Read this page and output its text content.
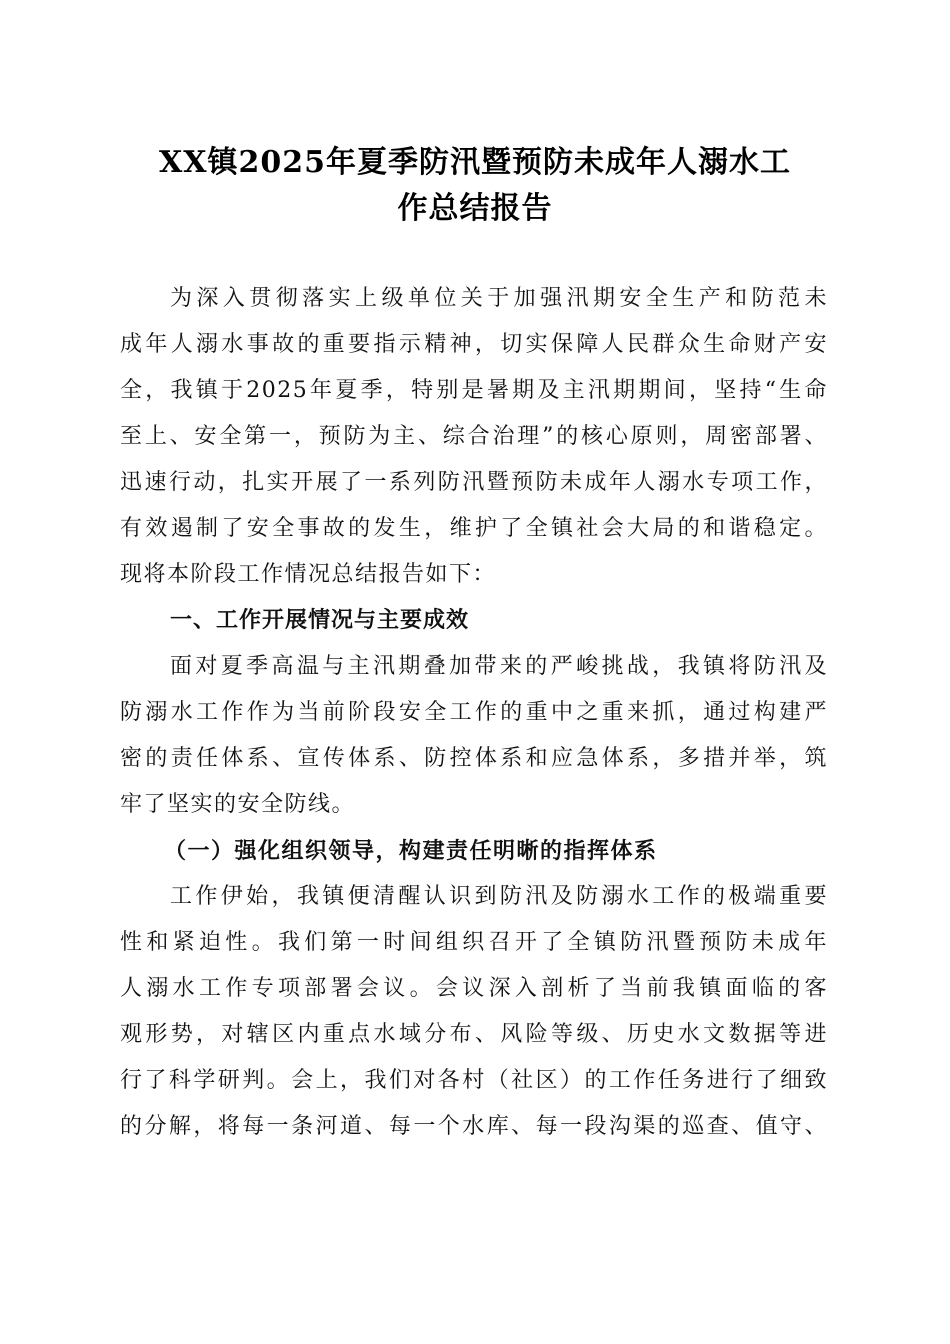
XX镇2025年夏季防汛暨预防未成年人溺水工
作总结报告
为深入贯彻落实上级单位关于加强汛期安全生产和防范未
成年人溺水事故的重要指示精神，切实保障人民群众生命财产安
全，我镇于2025年夏季，特别是暑期及主汛期期间，坚持“生命
至上、安全第一，预防为主、综合治理”的核心原则，周密部署、
迅速行动，扎实开展了一系列防汛暨预防未成年人溺水专项工作，
有效遏制了安全事故的发生，维护了全镇社会大局的和谐稳定。
现将本阶段工作情况总结报告如下：
一、工作开展情况与主要成效
面对夏季高温与主汛期叠加带来的严峻挑战，我镇将防汛及
防溺水工作作为当前阶段安全工作的重中之重来抓，通过构建严
密的责任体系、宣传体系、防控体系和应急体系，多措并举，筑
牢了坚实的安全防线。
（一）强化组织领导，构建责任明晰的指挥体系
工作伊始，我镇便清醒认识到防汛及防溺水工作的极端重要
性和紧迫性。我们第一时间组织召开了全镇防汛暨预防未成年
人溺水工作专项部署会议。会议深入剖析了当前我镇面临的客
观形势，对辖区内重点水域分布、风险等级、历史水文数据等进
行了科学研判。会上，我们对各村（社区）的工作任务进行了细致
的分解，将每一条河道、每一个水库、每一段沟渠的巡查、值守、
